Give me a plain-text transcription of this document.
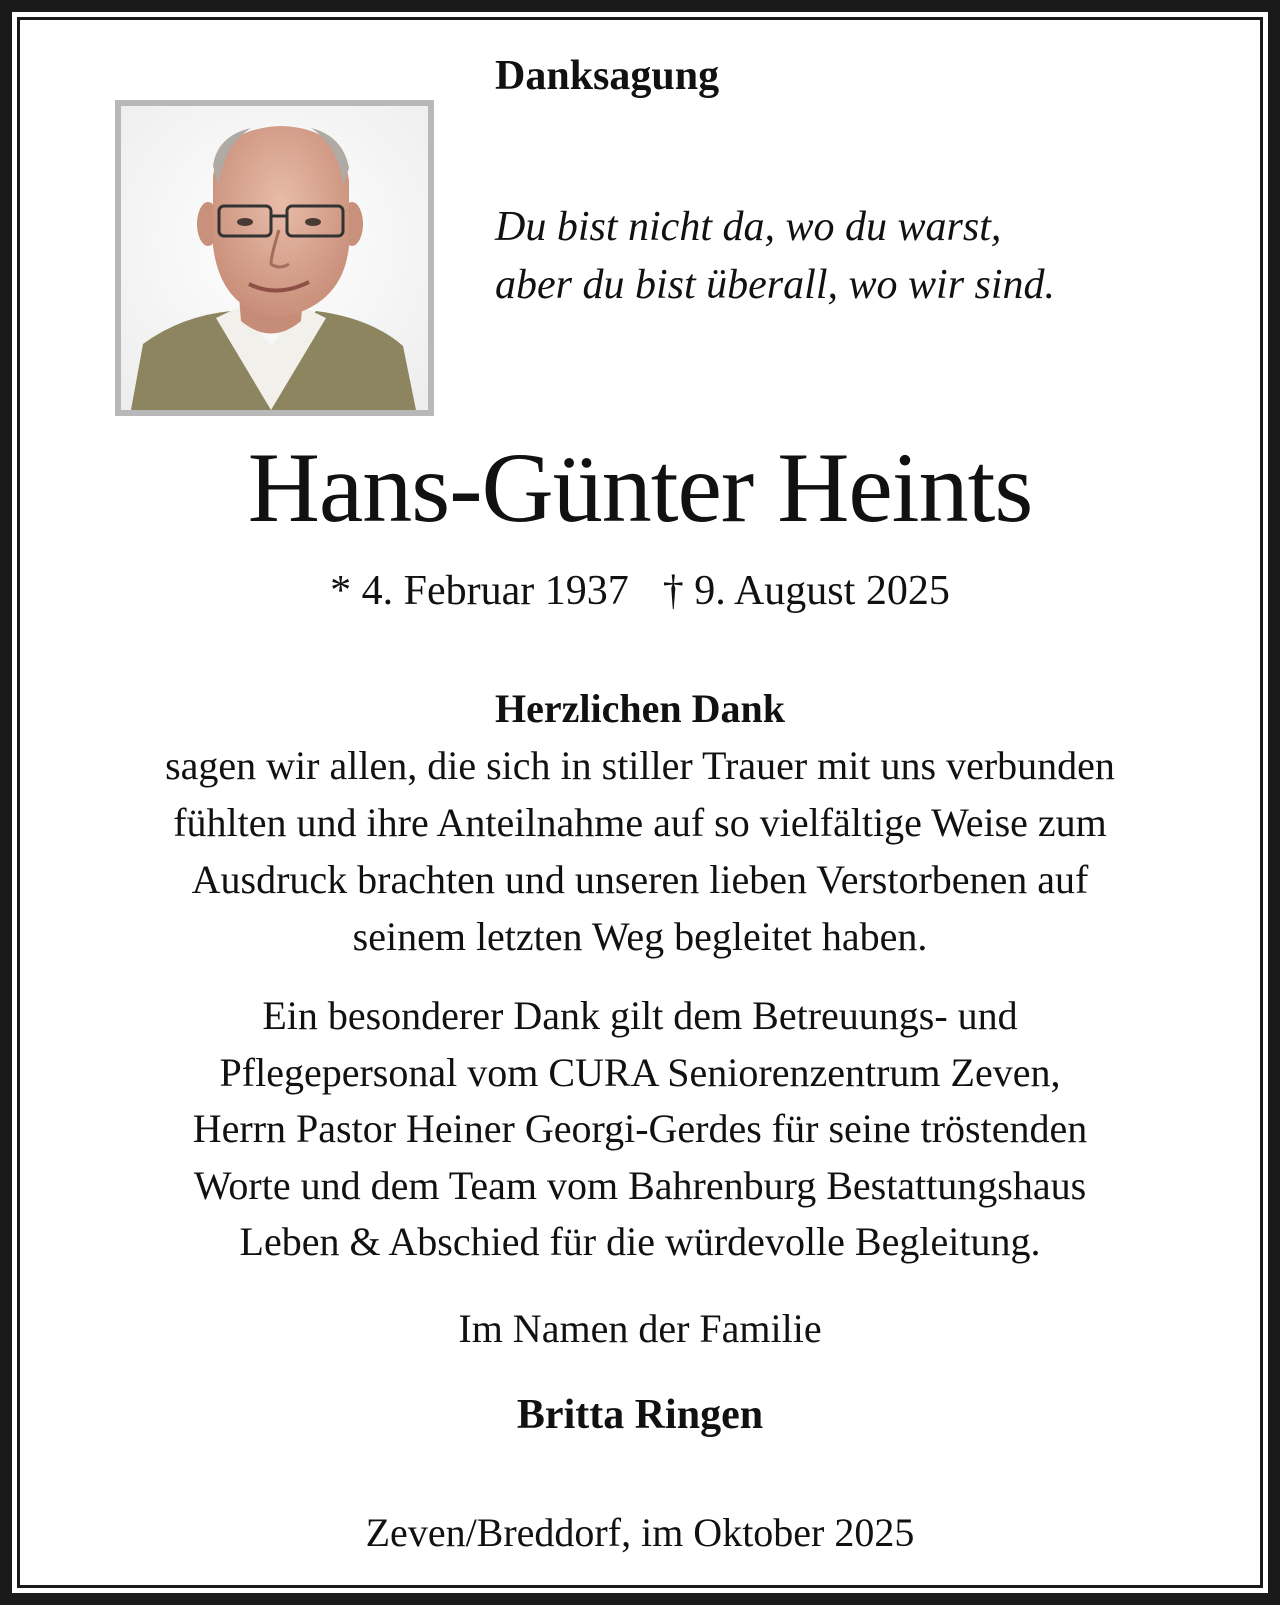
Danksagung
Du bist nicht da, wo du warst,
aber du bist überall, wo wir sind.
Hans-Günter Heints
* 4. Februar 1937 † 9. August 2025
Herzlichen Dank
sagen wir allen, die sich in stiller Trauer mit uns verbunden
fühlten und ihre Anteilnahme auf so vielfältige Weise zum
Ausdruck brachten und unseren lieben Verstorbenen auf
seinem letzten Weg begleitet haben.
Ein besonderer Dank gilt dem Betreuungs- und
Pflegepersonal vom CURA Seniorenzentrum Zeven,
Herrn Pastor Heiner Georgi-Gerdes für seine tröstenden
Worte und dem Team vom Bahrenburg Bestattungshaus
Leben & Abschied für die würdevolle Begleitung.
Im Namen der Familie
Britta Ringen
Zeven/Breddorf, im Oktober 2025
